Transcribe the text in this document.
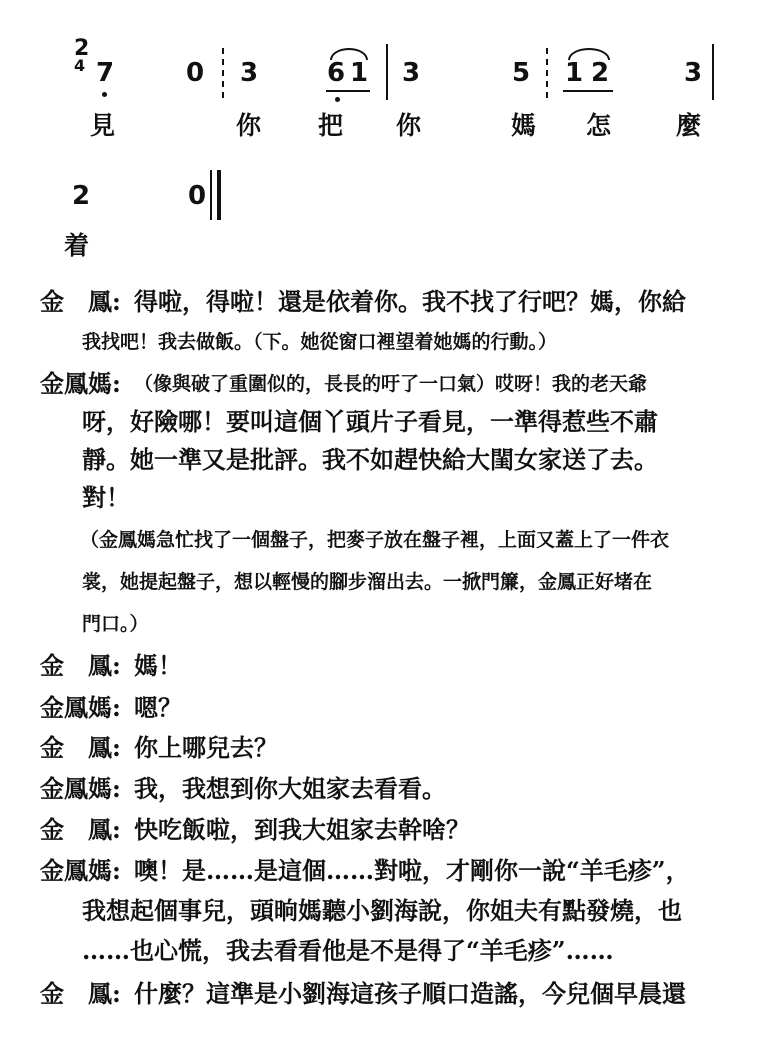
2
4 7	0 3	6 1 3	5 1 2	3
見	你 把 你	媽 怎	麼
2	0
着
金　鳳: 得啦，得啦！還是依着你。我不找了行吧？媽，你給
我找吧！我去做飯。（下。她從窗口裡望着她媽的行動。）
金鳳媽: （像與破了重圍似的，長長的吁了一口氣）哎呀！我的老天爺
呀，好險哪！要叫這個丫頭片子看見，一準得惹些不肅
靜。她一準又是批評。我不如趕快給大閨女家送了去。
對！
（金鳳媽急忙找了一個盤子，把麥子放在盤子裡，上面又蓋上了一件衣
裳，她提起盤子，想以輕慢的腳步溜出去。一掀門簾，金鳳正好堵在
門口。）
金　鳳: 媽！
金鳳媽: 嗯？
金　鳳: 你上哪兒去？
金鳳媽: 我，我想到你大姐家去看看。
金　鳳: 快吃飯啦，到我大姐家去幹啥？
金鳳媽: 噢！是……是這個……對啦，才剛你一說“羊毛疹”，
我想起個事兒，頭晌媽聽小劉海說，你姐夫有點發燒，也
……也心慌，我去看看他是不是得了“羊毛疹”……
金　鳳: 什麼？這準是小劉海這孩子順口造謠，今兒個早晨還
